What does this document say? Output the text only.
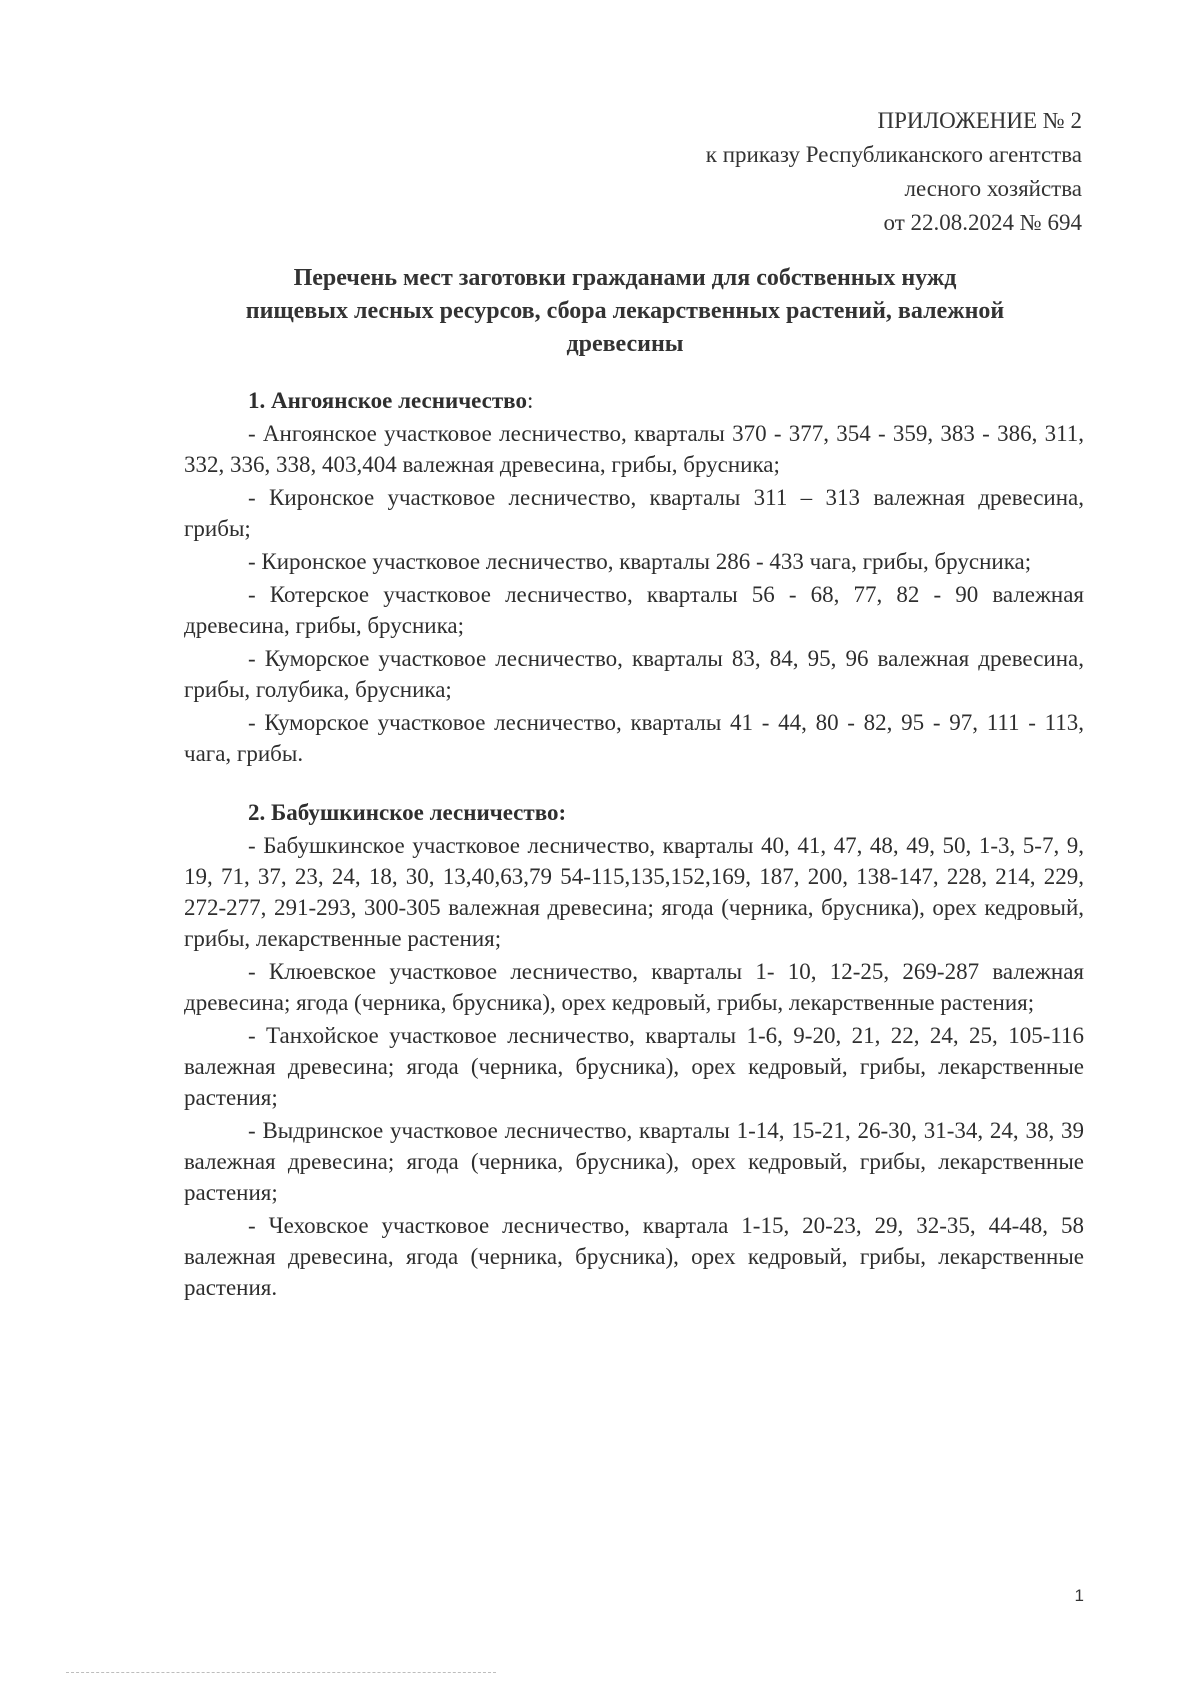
ПРИЛОЖЕНИЕ № 2
к приказу Республиканского агентства
лесного хозяйства
от 22.08.2024 № 694
Перечень мест заготовки гражданами для собственных нужд
пищевых лесных ресурсов, сбора лекарственных растений, валежной
древесины

1. Ангоянское лесничество:

- Ангоянское участковое лесничество, кварталы 370 - 377, 354 - 359, 383 - 386, 311, 332, 336, 338, 403,404 валежная древесина, грибы, брусника;

- Киронское участковое лесничество, кварталы 311 – 313 валежная древесина, грибы;

- Киронское участковое лесничество, кварталы 286 - 433 чага, грибы, брусника;

- Котерское участковое лесничество, кварталы 56 - 68, 77, 82 - 90 валежная древесина, грибы, брусника;

- Куморское участковое лесничество, кварталы 83, 84, 95, 96 валежная древесина, грибы, голубика, брусника;

- Куморское участковое лесничество, кварталы 41 - 44, 80 - 82, 95 - 97, 111 - 113, чага, грибы.

2. Бабушкинское лесничество:

- Бабушкинское участковое лесничество, кварталы 40, 41, 47, 48, 49, 50, 1-3, 5-7, 9, 19, 71, 37, 23, 24, 18, 30, 13,40,63,79 54-115,135,152,169, 187, 200, 138-147, 228, 214, 229, 272-277, 291-293, 300-305 валежная древесина; ягода (черника, брусника), орех кедровый, грибы, лекарственные растения;

- Клюевское участковое лесничество, кварталы 1- 10, 12-25, 269-287 валежная древесина; ягода (черника, брусника), орех кедровый, грибы, лекарственные растения;

- Танхойское участковое лесничество, кварталы 1-6, 9-20, 21, 22, 24, 25, 105-116 валежная древесина; ягода (черника, брусника), орех кедровый, грибы, лекарственные растения;

- Выдринское участковое лесничество, кварталы 1-14, 15-21, 26-30, 31-34, 24, 38, 39 валежная древесина; ягода (черника, брусника), орех кедровый, грибы, лекарственные растения;

- Чеховское участковое лесничество, квартала 1-15, 20-23, 29, 32-35, 44-48, 58 валежная древесина, ягода (черника, брусника), орех кедровый, грибы, лекарственные растения.

1
